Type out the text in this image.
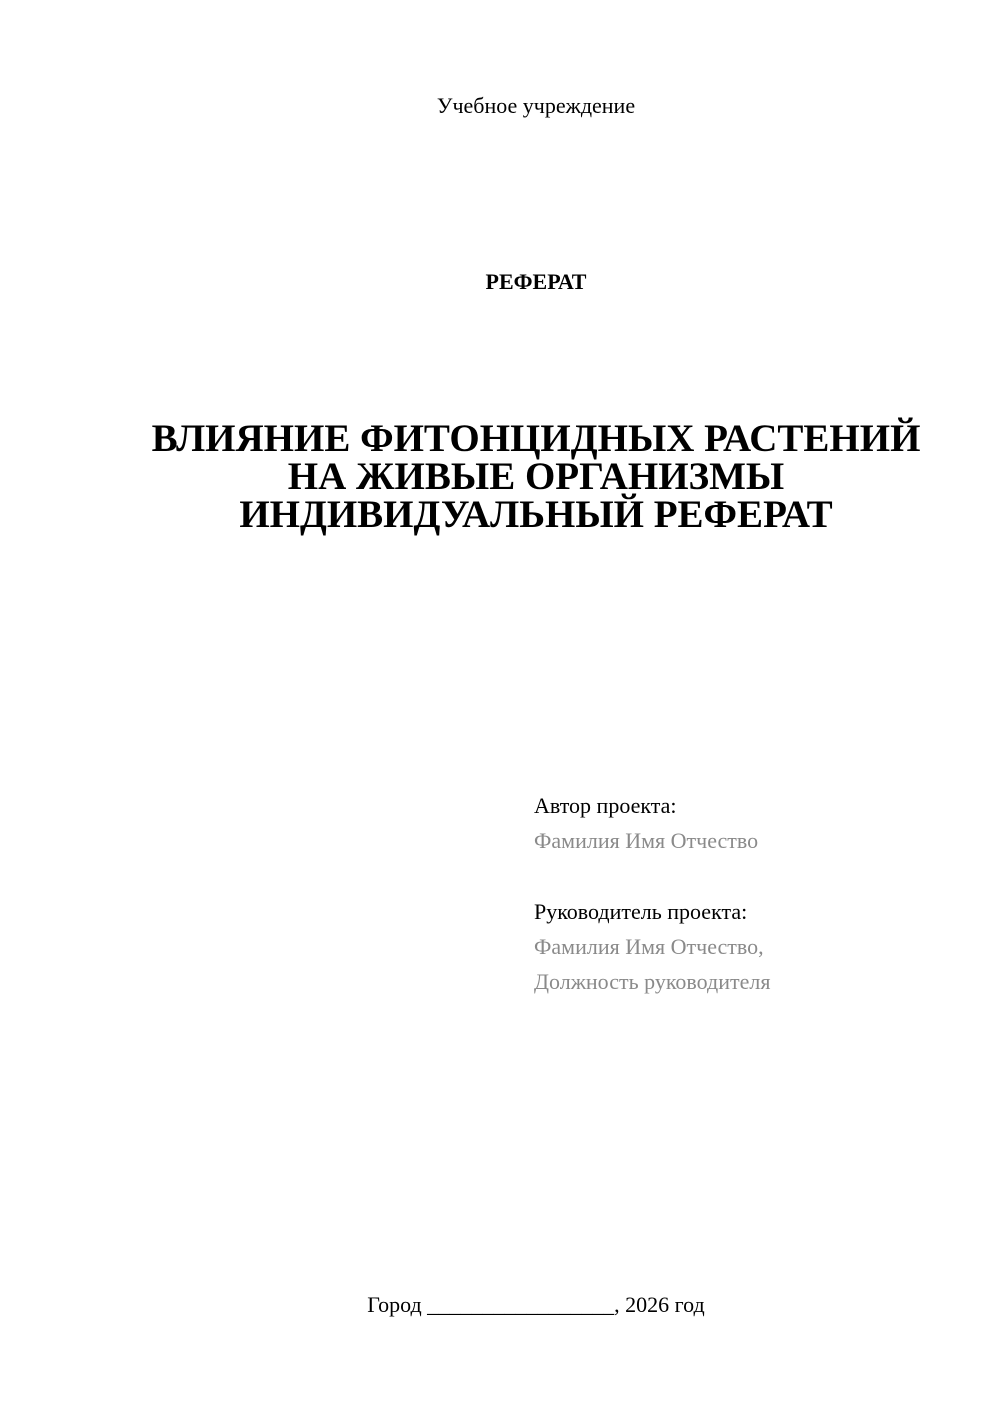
Учебное учреждение
РЕФЕРАТ
ВЛИЯНИЕ ФИТОНЦИДНЫХ РАСТЕНИЙ
НА ЖИВЫЕ ОРГАНИЗМЫ
ИНДИВИДУАЛЬНЫЙ РЕФЕРАТ
Автор проекта:
Фамилия Имя Отчество
Руководитель проекта:
Фамилия Имя Отчество,
Должность руководителя
Город _________________, 2026 год
